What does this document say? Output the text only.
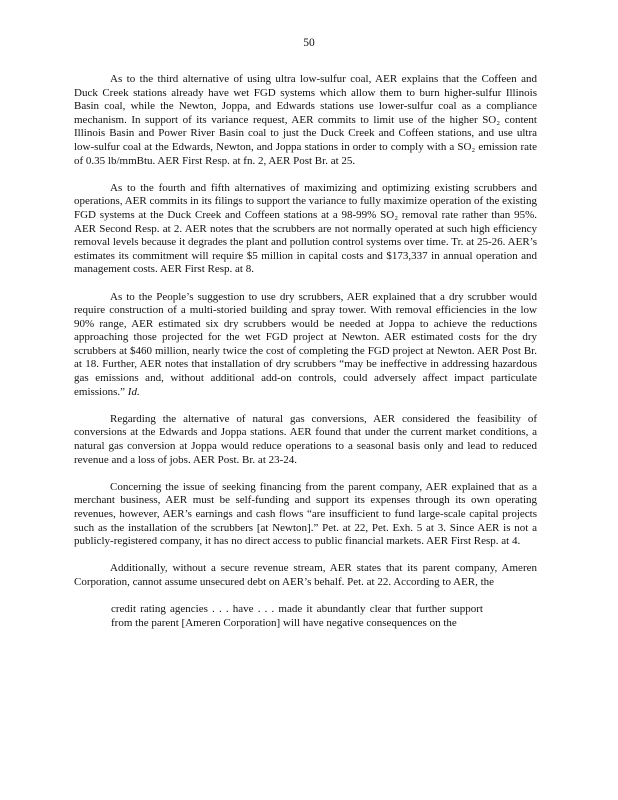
50

As to the third alternative of using ultra low-sulfur coal, AER explains that the Coffeen and Duck Creek stations already have wet FGD systems which allow them to burn higher-sulfur Illinois Basin coal, while the Newton, Joppa, and Edwards stations use lower-sulfur coal as a compliance mechanism. In support of its variance request, AER commits to limit use of the higher SO₂ content Illinois Basin and Power River Basin coal to just the Duck Creek and Coffeen stations, and use ultra low-sulfur coal at the Edwards, Newton, and Joppa stations in order to comply with a SO₂ emission rate of 0.35 lb/mmBtu. AER First Resp. at fn. 2, AER Post Br. at 25.

As to the fourth and fifth alternatives of maximizing and optimizing existing scrubbers and operations, AER commits in its filings to support the variance to fully maximize operation of the existing FGD systems at the Duck Creek and Coffeen stations at a 98-99% SO₂ removal rate rather than 95%. AER Second Resp. at 2. AER notes that the scrubbers are not normally operated at such high efficiency removal levels because it degrades the plant and pollution control systems over time. Tr. at 25-26. AER’s estimates its commitment will require $5 million in capital costs and $173,337 in annual operation and management costs. AER First Resp. at 8.

As to the People’s suggestion to use dry scrubbers, AER explained that a dry scrubber would require construction of a multi-storied building and spray tower. With removal efficiencies in the low 90% range, AER estimated six dry scrubbers would be needed at Joppa to achieve the reductions approaching those projected for the wet FGD project at Newton. AER estimated costs for the dry scrubbers at $460 million, nearly twice the cost of completing the FGD project at Newton. AER Post Br. at 18. Further, AER notes that installation of dry scrubbers “may be ineffective in addressing hazardous gas emissions and, without additional add-on controls, could adversely affect impact particulate emissions.” Id.

Regarding the alternative of natural gas conversions, AER considered the feasibility of conversions at the Edwards and Joppa stations. AER found that under the current market conditions, a natural gas conversion at Joppa would reduce operations to a seasonal basis only and lead to reduced revenue and a loss of jobs. AER Post. Br. at 23-24.

Concerning the issue of seeking financing from the parent company, AER explained that as a merchant business, AER must be self-funding and support its expenses through its own operating revenues, however, AER’s earnings and cash flows “are insufficient to fund large-scale capital projects such as the installation of the scrubbers [at Newton].” Pet. at 22, Pet. Exh. 5 at 3. Since AER is not a publicly-registered company, it has no direct access to public financial markets. AER First Resp. at 4.

Additionally, without a secure revenue stream, AER states that its parent company, Ameren Corporation, cannot assume unsecured debt on AER’s behalf. Pet. at 22. According to AER, the

credit rating agencies . . . have . . . made it abundantly clear that further support from the parent [Ameren Corporation] will have negative consequences on the
